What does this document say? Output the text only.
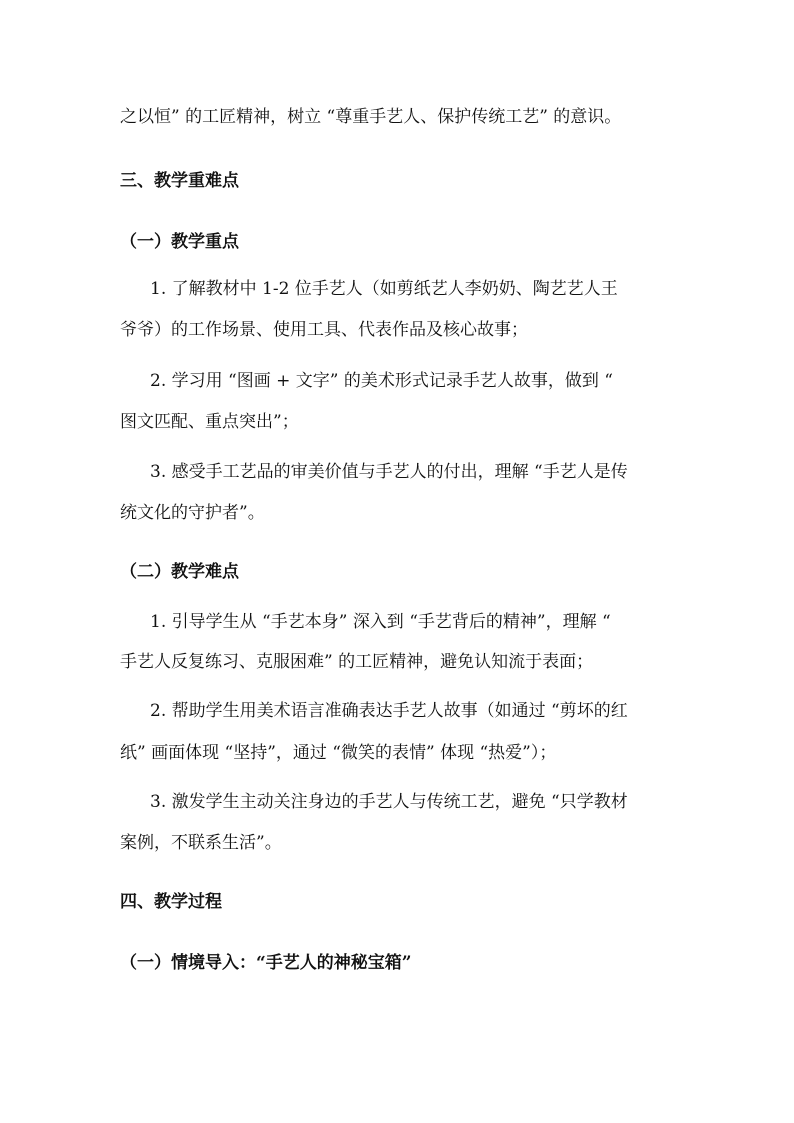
之以恒” 的工匠精神，树立 “尊重手艺人、保护传统工艺” 的意识。

三、教学重难点

（一）教学重点

1. 了解教材中 1-2 位手艺人（如剪纸艺人李奶奶、陶艺艺人王

爷爷）的工作场景、使用工具、代表作品及核心故事；

2. 学习用 “图画 + 文字” 的美术形式记录手艺人故事，做到 “

图文匹配、重点突出”；

3. 感受手工艺品的审美价值与手艺人的付出，理解 “手艺人是传

统文化的守护者”。

（二）教学难点

1. 引导学生从 “手艺本身” 深入到 “手艺背后的精神”，理解 “

手艺人反复练习、克服困难” 的工匠精神，避免认知流于表面；

2. 帮助学生用美术语言准确表达手艺人故事（如通过 “剪坏的红

纸” 画面体现 “坚持”，通过 “微笑的表情” 体现 “热爱”）；

3. 激发学生主动关注身边的手艺人与传统工艺，避免 “只学教材

案例，不联系生活”。

四、教学过程

（一）情境导入：“手艺人的神秘宝箱”
